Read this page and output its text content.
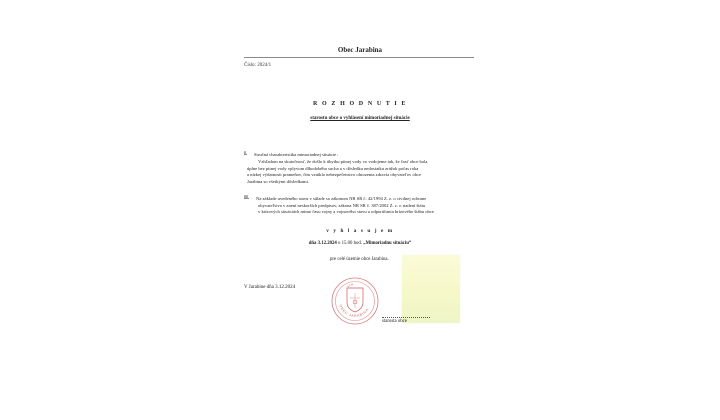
Obec Jarabina
Číslo: 2024/1
R O Z H O D N U T I E
starostu obce o vyhlásení mimoriadnej situácie
I. Stručná charakteristika mimoriadnej situácie :
Vzhľadom na skutočnosť, že došlo k úbytku pitnej vody vo vodojeme tak, že časť obce bola
úplne bez pitnej vody vplyvom dlhodobého sucha a v dôsledku nedostatku zrážok počas roka
a nízkej výdatnosti prameňov, čím vzniklo nebezpečenstvo ohrozenia zdravia obyvateľov obce
Jarabina so všetkými dôsledkami.
II. Na základe uvedeného stavu v súlade so zákonom NR SR č. 42/1994 Z. z. o civilnej ochrane
obyvateľstva v znení neskorších predpisov, zákona NR SR č. 387/2002 Z. z. o riadení štátu
v krízových situáciách mimo času vojny a vojnového stavu a odporúčania krízového štábu obce
v y h l a s u j e m
dňa 3.12.2024 o 15.00 hod. „Mimoriadnu situáciu“
pre celé územie obce Jarabina.
V Jarabine dňa 3.12.2024
OBEC JARABINA
ST.M
starosta obce
